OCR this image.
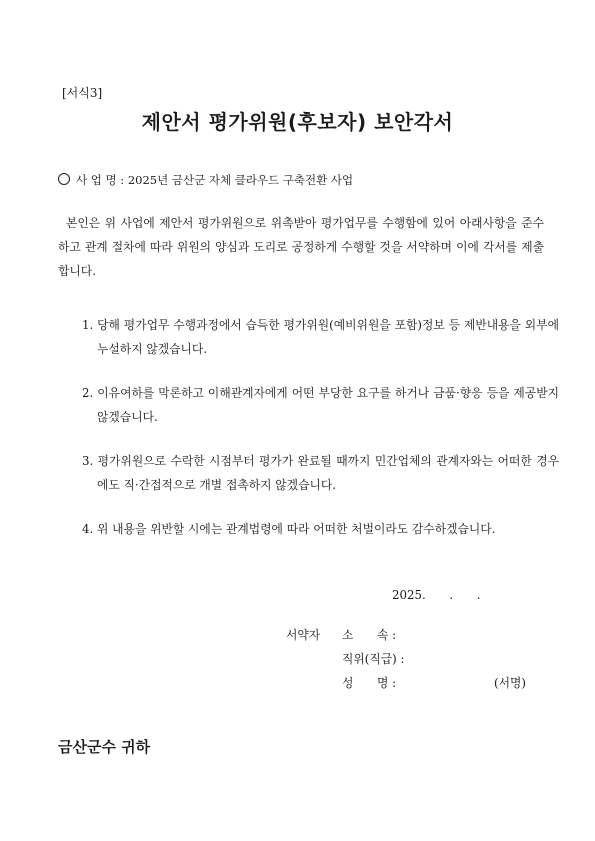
[서식3]
제안서 평가위원(후보자) 보안각서
사 업 명 : 2025년 금산군 자체 클라우드 구축전환 사업
본인은 위 사업에 제안서 평가위원으로 위촉받아 평가업무를 수행함에 있어 아래사항을 준수하고 관계 절차에 따라 위원의 양심과 도리로 공정하게 수행할 것을 서약하며 이에 각서를 제출합니다.
1. 당해 평가업무 수행과정에서 습득한 평가위원(예비위원을 포함)정보 등 제반내용을 외부에 누설하지 않겠습니다.
2. 이유여하를 막론하고 이해관계자에게 어떤 부당한 요구를 하거나 금품·향응 등을 제공받지 않겠습니다.
3. 평가위원으로 수락한 시점부터 평가가 완료될 때까지 민간업체의 관계자와는 어떠한 경우에도 직·간접적으로 개별 접촉하지 않겠습니다.
4. 위 내용을 위반할 시에는 관계법령에 따라 어떠한 처벌이라도 감수하겠습니다.
2025.　　.　　.
서약자 소　　속 :
직위(직급) :
성　　명 :	(서명)
금산군수 귀하
